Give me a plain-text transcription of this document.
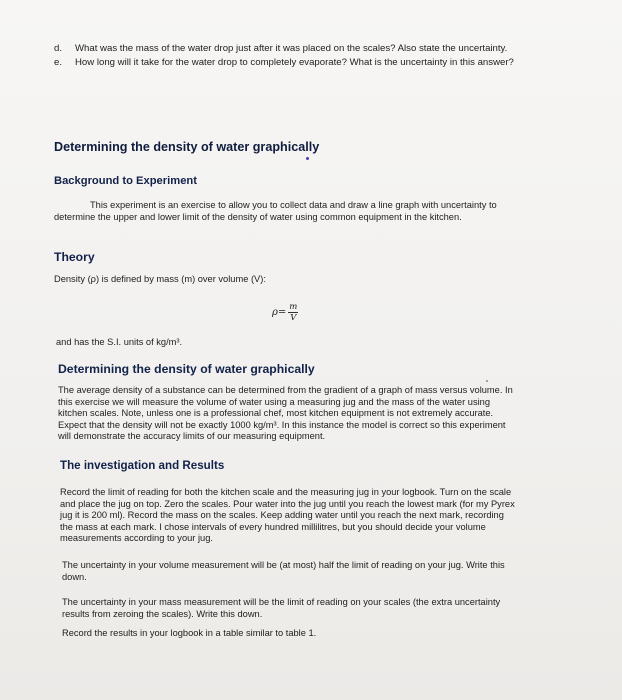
d.	What was the mass of the water drop just after it was placed on the scales? Also state the uncertainty.
e.	How long will it take for the water drop to completely evaporate? What is the uncertainty in this answer?
Determining the density of water graphically
Background to Experiment

This experiment is an exercise to allow you to collect data and draw a line graph with uncertainty to determine the upper and lower limit of the density of water using common equipment in the kitchen.

Theory

Density (ρ) is defined by mass (m) over volume (V):

$\rho= \frac{m}{V}$

and has the S.I. units of kg/m³.

Determining the density of water graphically

The average density of a substance can be determined from the gradient of a graph of mass versus volume. In this exercise we will measure the volume of water using a measuring jug and the mass of the water using kitchen scales. Note, unless one is a professional chef, most kitchen equipment is not extremely accurate. Expect that the density will not be exactly 1000 kg/m³. In this instance the model is correct so this experiment will demonstrate the accuracy limits of our measuring equipment.

The investigation and Results

Record the limit of reading for both the kitchen scale and the measuring jug in your logbook. Turn on the scale and place the jug on top. Zero the scales. Pour water into the jug until you reach the lowest mark (for my Pyrex jug it is 200 ml). Record the mass on the scales. Keep adding water until you reach the next mark, recording the mass at each mark. I chose intervals of every hundred millilitres, but you should decide your volume measurements according to your jug.

The uncertainty in your volume measurement will be (at most) half the limit of reading on your jug. Write this down.

The uncertainty in your mass measurement will be the limit of reading on your scales (the extra uncertainty results from zeroing the scales). Write this down.

Record the results in your logbook in a table similar to table 1.
